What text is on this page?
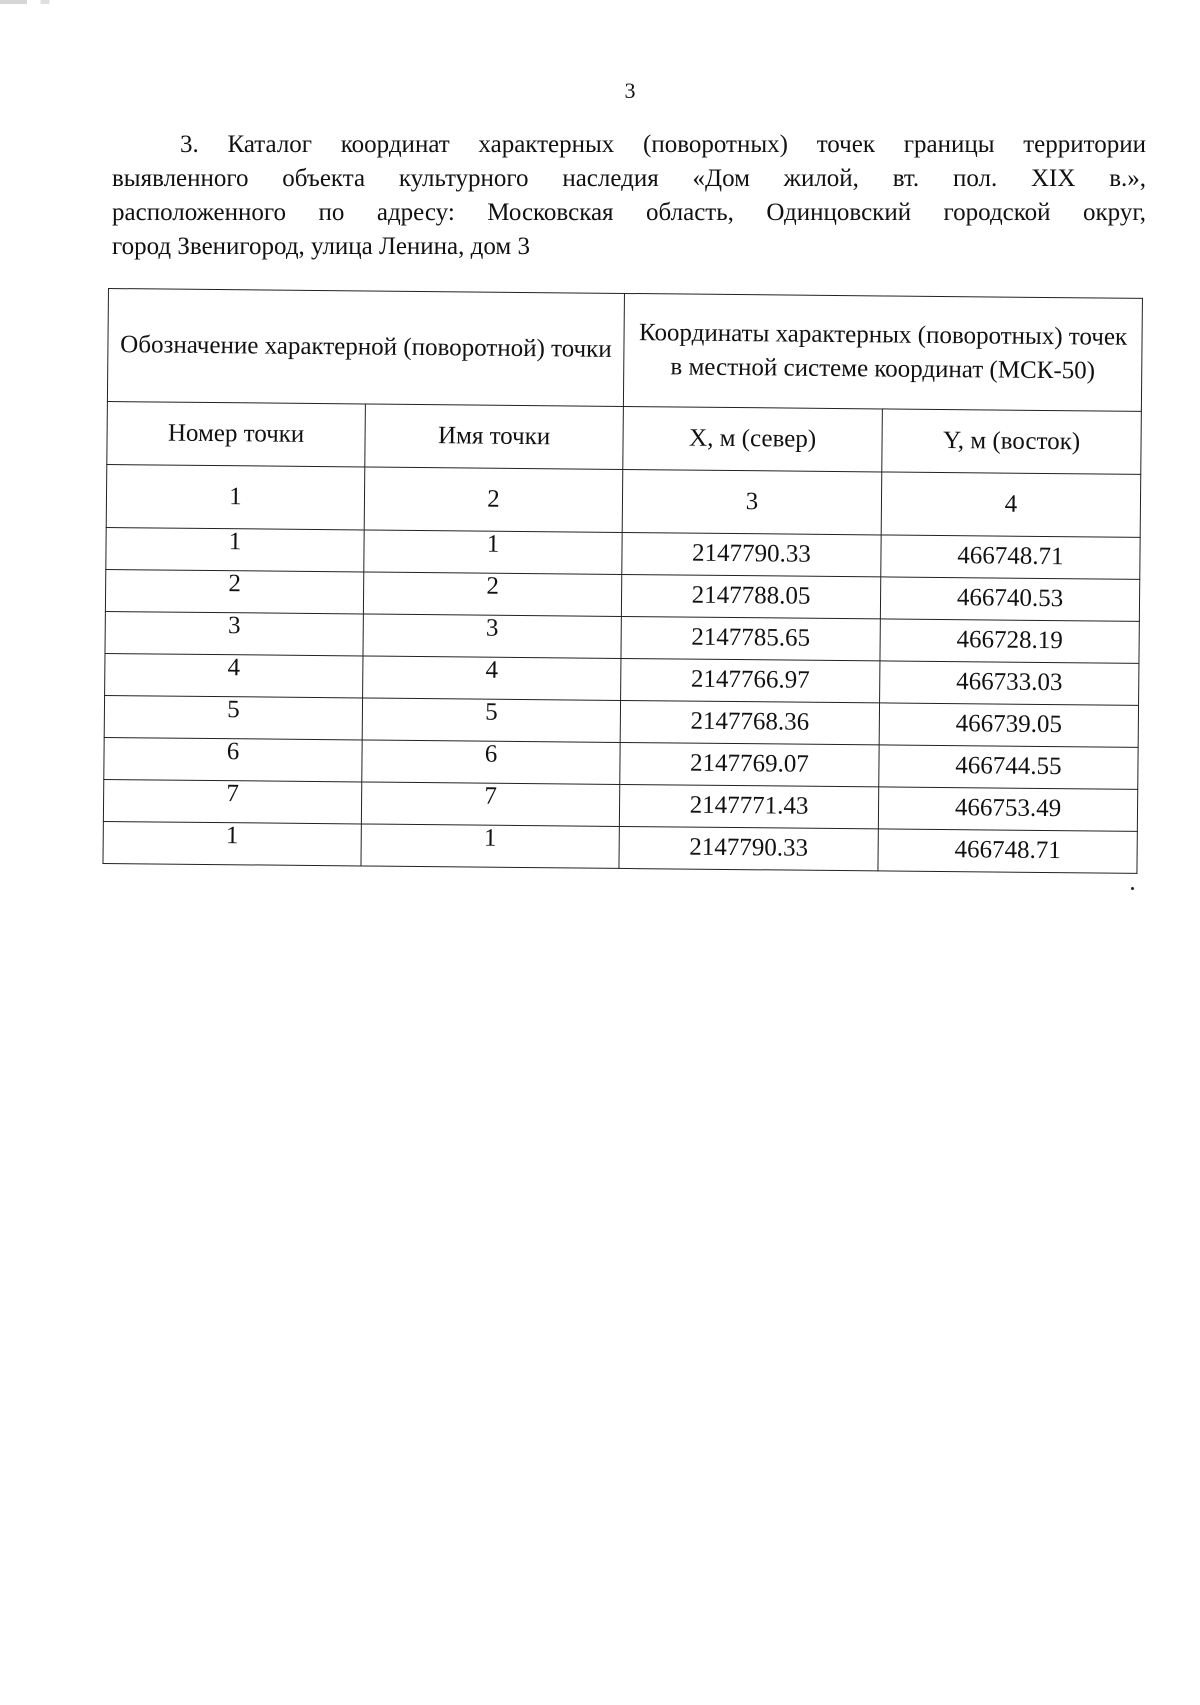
3
3. Каталог координат характерных (поворотных) точек границы территории
выявленного объекта культурного наследия «Дом жилой, вт. пол. XIX в.»,
расположенного по адресу: Московская область, Одинцовский городской округ,
город Звенигород, улица Ленина, дом 3
Обозначение характерной (поворотной) точки		Координаты характерных (поворотных) точек в местной системе координат (МСК-50)	
Номер точки	Имя точки	X, м (север)	Y, м (восток)
1	2	3	4
1	1	2147790.33	466748.71
2	2	2147788.05	466740.53
3	3	2147785.65	466728.19
4	4	2147766.97	466733.03
5	5	2147768.36	466739.05
6	6	2147769.07	466744.55
7	7	2147771.43	466753.49
1	1	2147790.33	466748.71
